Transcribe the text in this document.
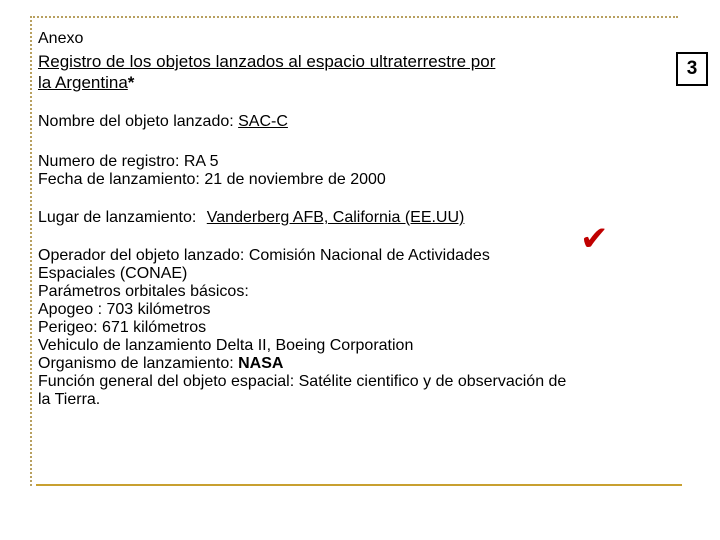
3
Anexo
Registro de los objetos lanzados al espacio ultraterrestre por
la Argentina*
Nombre del objeto lanzado: SAC-C
Numero de registro: RA 5
Fecha de lanzamiento: 21 de noviembre de 2000
Lugar de lanzamiento: Vanderberg AFB, California (EE.UU)
Operador del objeto lanzado: Comisión Nacional de Actividades
Espaciales (CONAE)
Parámetros orbitales básicos:
Apogeo : 703 kilómetros
Perigeo: 671 kilómetros
Vehiculo de lanzamiento Delta II, Boeing Corporation
Organismo de lanzamiento: NASA
Función general del objeto espacial: Satélite cientifico y de observación de
la Tierra.
✔
